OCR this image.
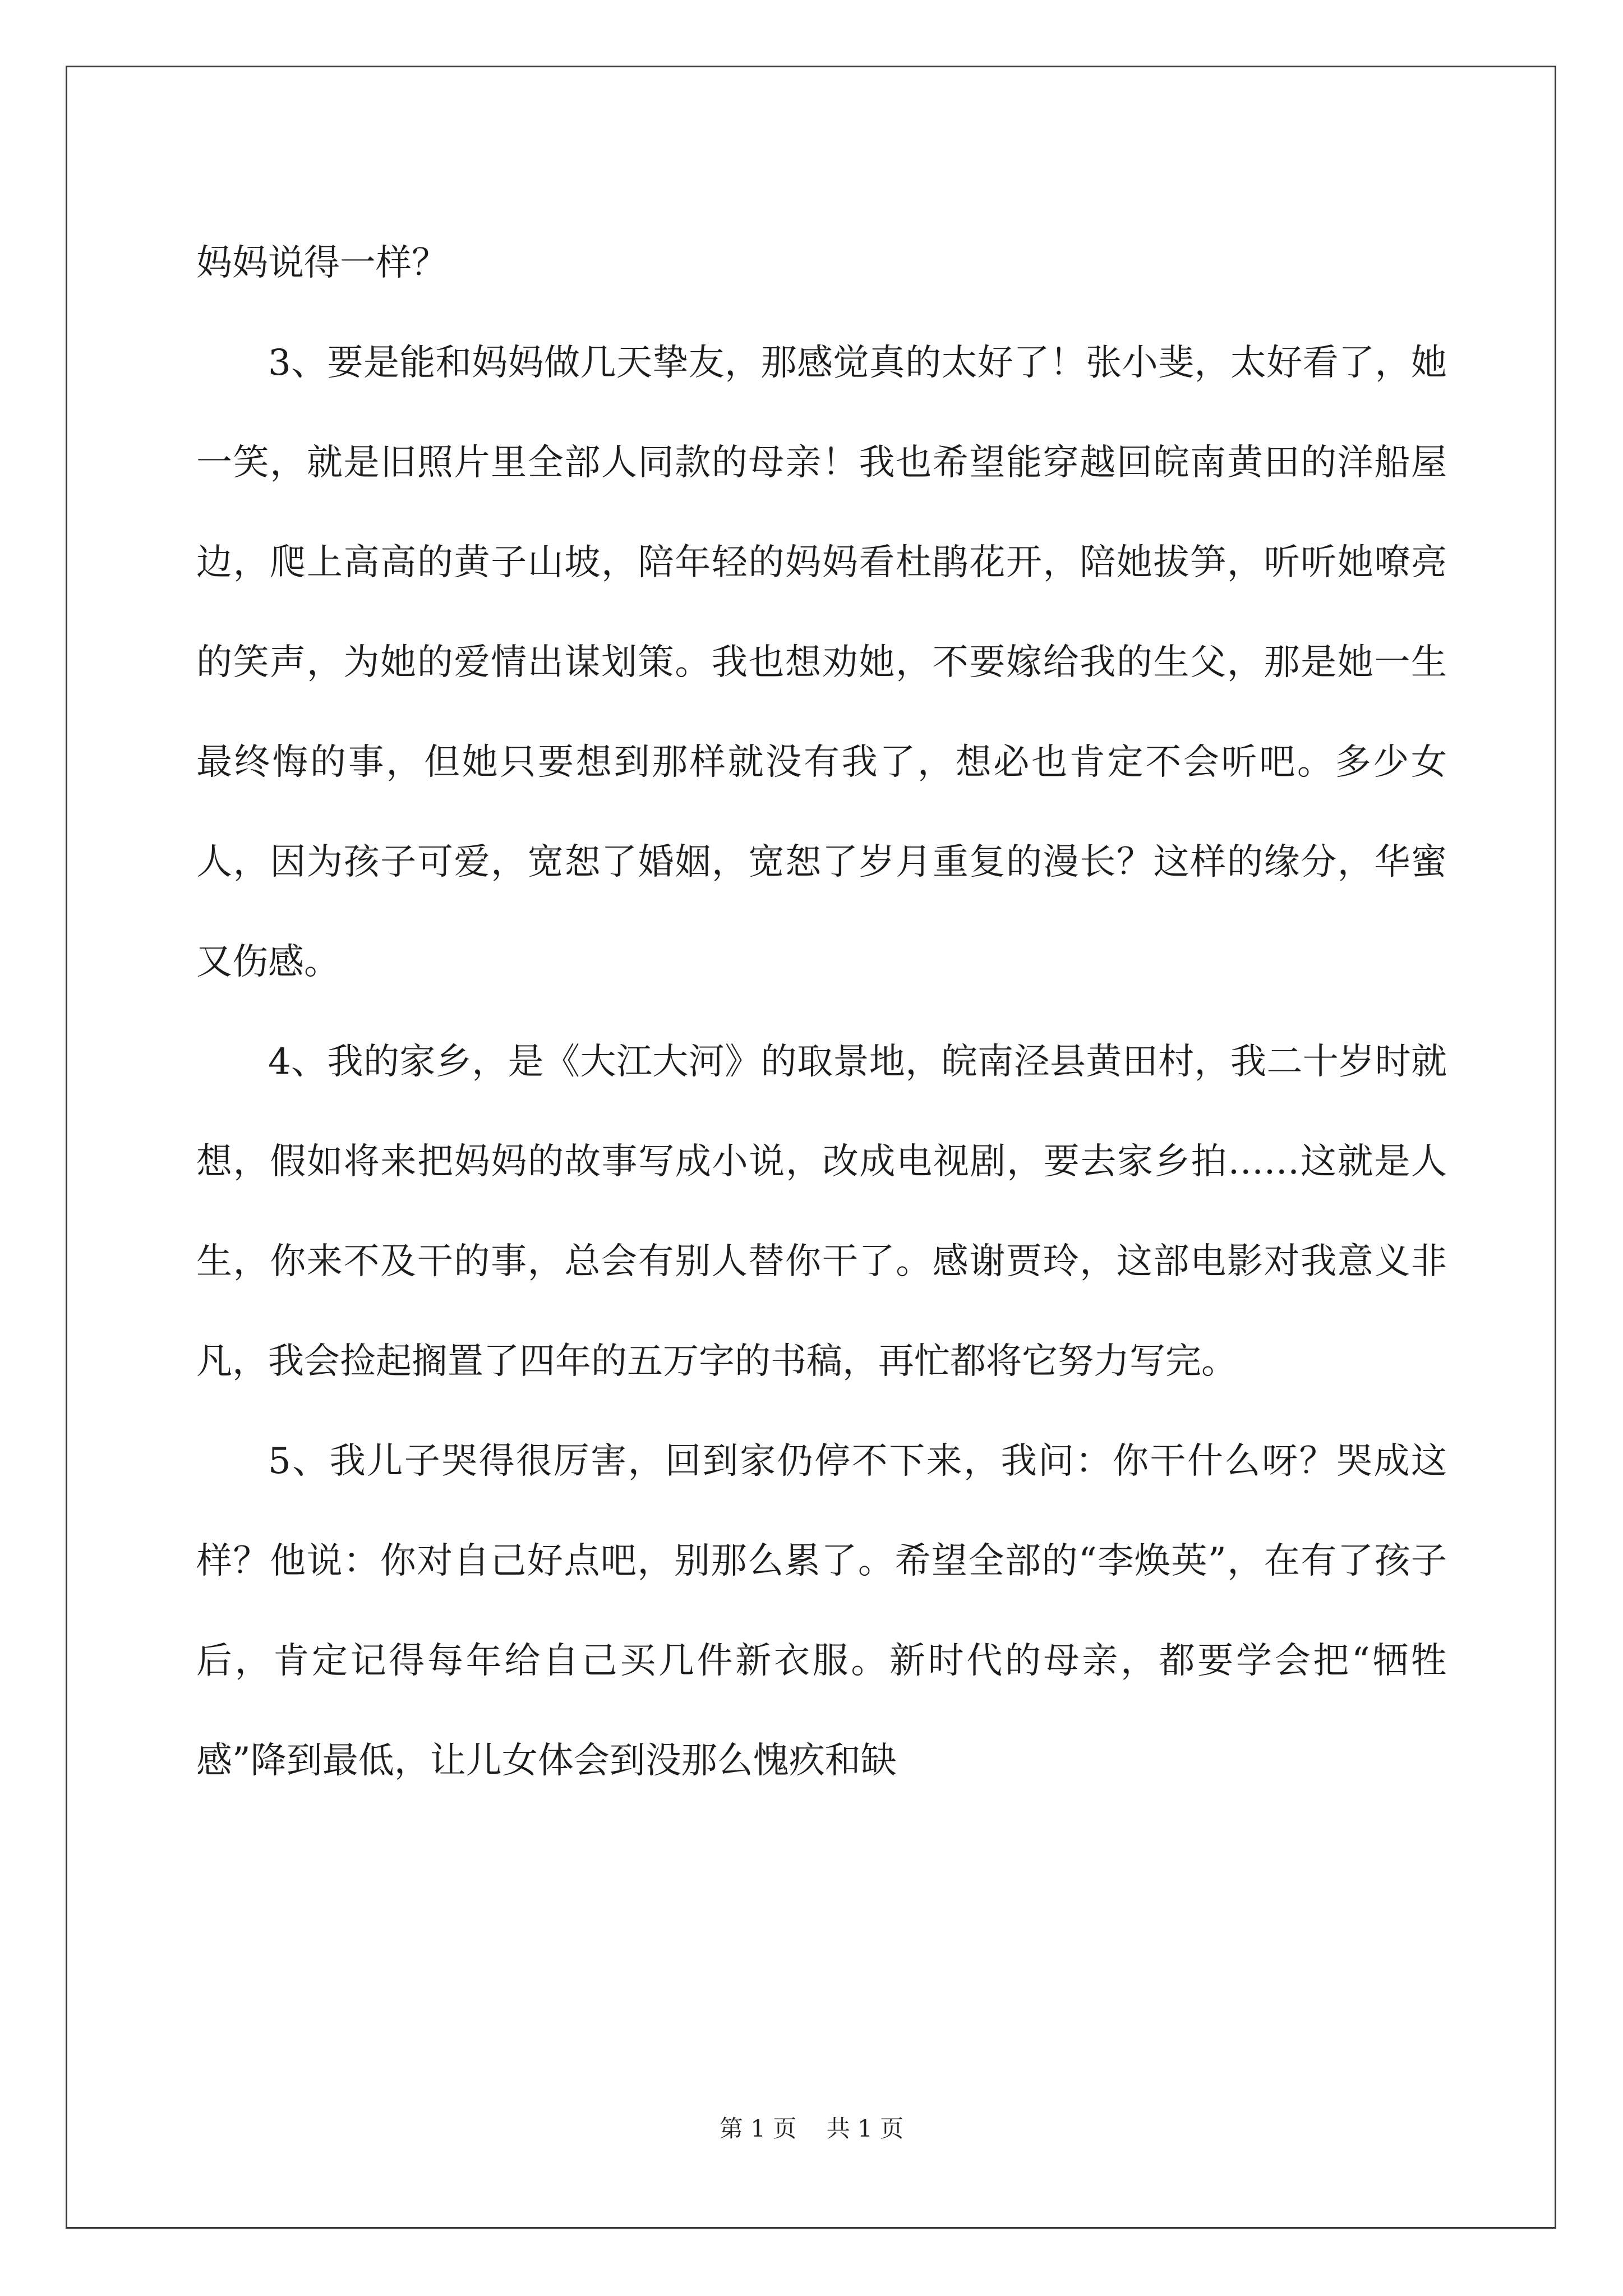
妈妈说得一样？

3、要是能和妈妈做几天挚友，那感觉真的太好了！张小斐，太好看了，她一笑，就是旧照片里全部人同款的母亲！我也希望能穿越回皖南黄田的洋船屋边，爬上高高的黄子山坡，陪年轻的妈妈看杜鹃花开，陪她拔笋，听听她嘹亮的笑声，为她的爱情出谋划策。我也想劝她，不要嫁给我的生父，那是她一生最终悔的事，但她只要想到那样就没有我了，想必也肯定不会听吧。多少女人，因为孩子可爱，宽恕了婚姻，宽恕了岁月重复的漫长？这样的缘分，华蜜又伤感。

4、我的家乡，是《大江大河》的取景地，皖南泾县黄田村，我二十岁时就想，假如将来把妈妈的故事写成小说，改成电视剧，要去家乡拍……这就是人生，你来不及干的事，总会有别人替你干了。感谢贾玲，这部电影对我意义非凡，我会捡起搁置了四年的五万字的书稿，再忙都将它努力写完。

5、我儿子哭得很厉害，回到家仍停不下来，我问：你干什么呀？哭成这样？他说：你对自己好点吧，别那么累了。希望全部的“李焕英”，在有了孩子后，肯定记得每年给自己买几件新衣服。新时代的母亲，都要学会把“牺牲感”降到最低，让儿女体会到没那么愧疚和缺

第 1 页    共 1 页
